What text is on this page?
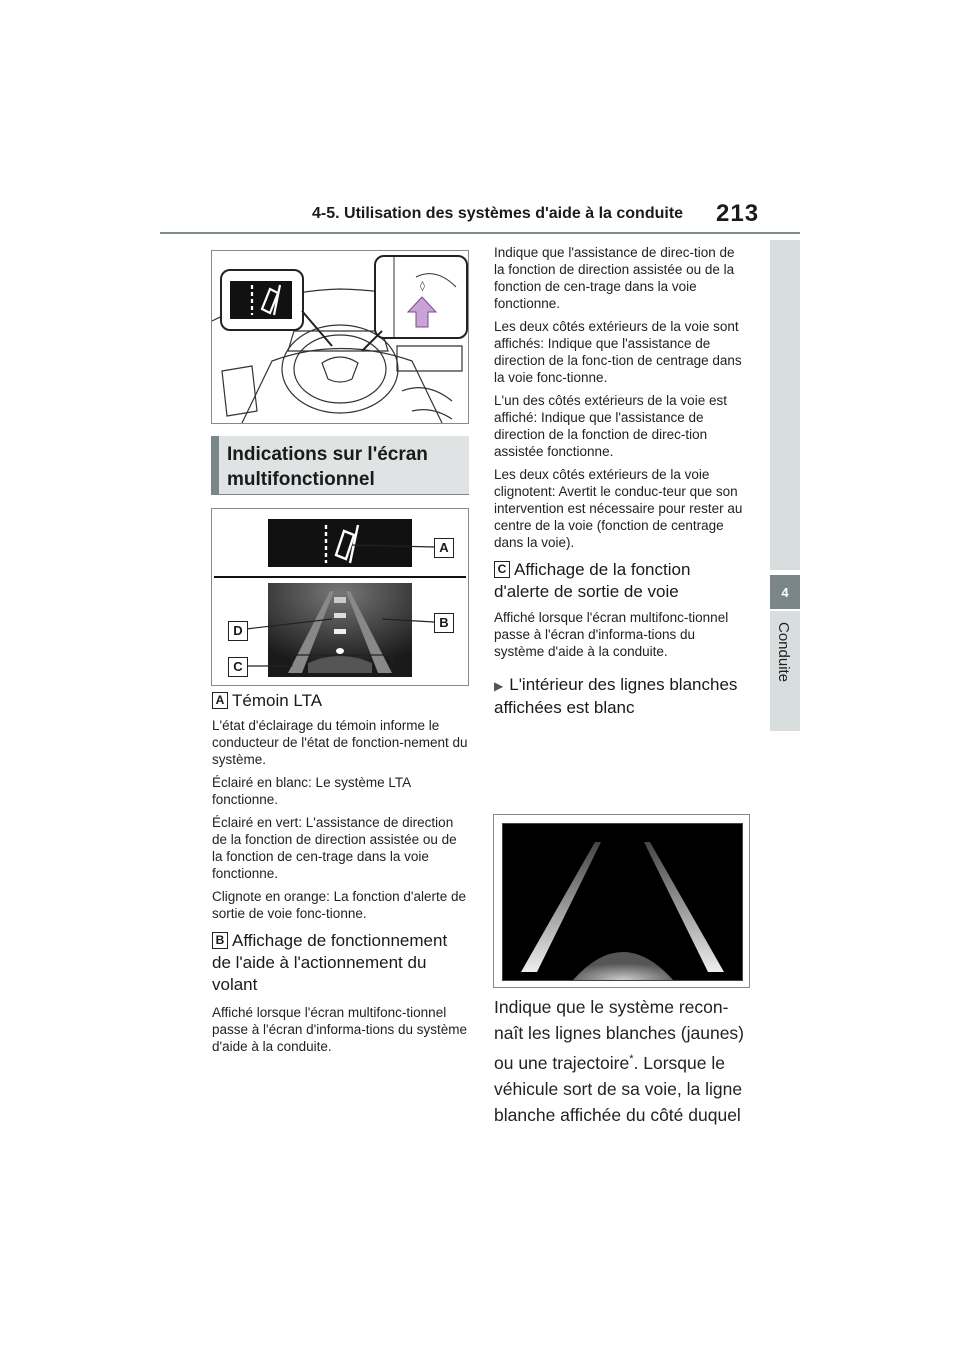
4-5. Utilisation des systèmes d'aide à la conduite 213
4
Conduite
◊
Indications sur l'écran multifonctionnel
A
B
D
C
A Témoin LTA

L'état d'éclairage du témoin informe le conducteur de l'état de fonction-nement du système.

Éclairé en blanc: Le système LTA fonctionne.

Éclairé en vert: L'assistance de direction de la fonction de direction assistée ou de la fonction de cen-trage dans la voie fonctionne.

Clignote en orange: La fonction d'alerte de sortie de voie fonc-tionne.

B Affichage de fonctionnement de l'aide à l'actionnement du volant

Affiché lorsque l'écran multifonc-tionnel passe à l'écran d'informa-tions du système d'aide à la conduite.

Indique que l'assistance de direc-tion de la fonction de direction assistée ou de la fonction de cen-trage dans la voie fonctionne.

Les deux côtés extérieurs de la voie sont affichés: Indique que l'assistance de direction de la fonc-tion de centrage dans la voie fonc-tionne.

L'un des côtés extérieurs de la voie est affiché: Indique que l'assistance de direction de la fonction de direc-tion assistée fonctionne.

Les deux côtés extérieurs de la voie clignotent: Avertit le conduc-teur que son intervention est nécessaire pour rester au centre de la voie (fonction de centrage dans la voie).

C Affichage de la fonction d'alerte de sortie de voie

Affiché lorsque l'écran multifonc-tionnel passe à l'écran d'informa-tions du système d'aide à la conduite.

▶ L'intérieur des lignes blanches affichées est blanc

Indique que le système recon-naît les lignes blanches (jaunes) ou une trajectoire*. Lorsque le véhicule sort de sa voie, la ligne blanche affichée du côté duquel
